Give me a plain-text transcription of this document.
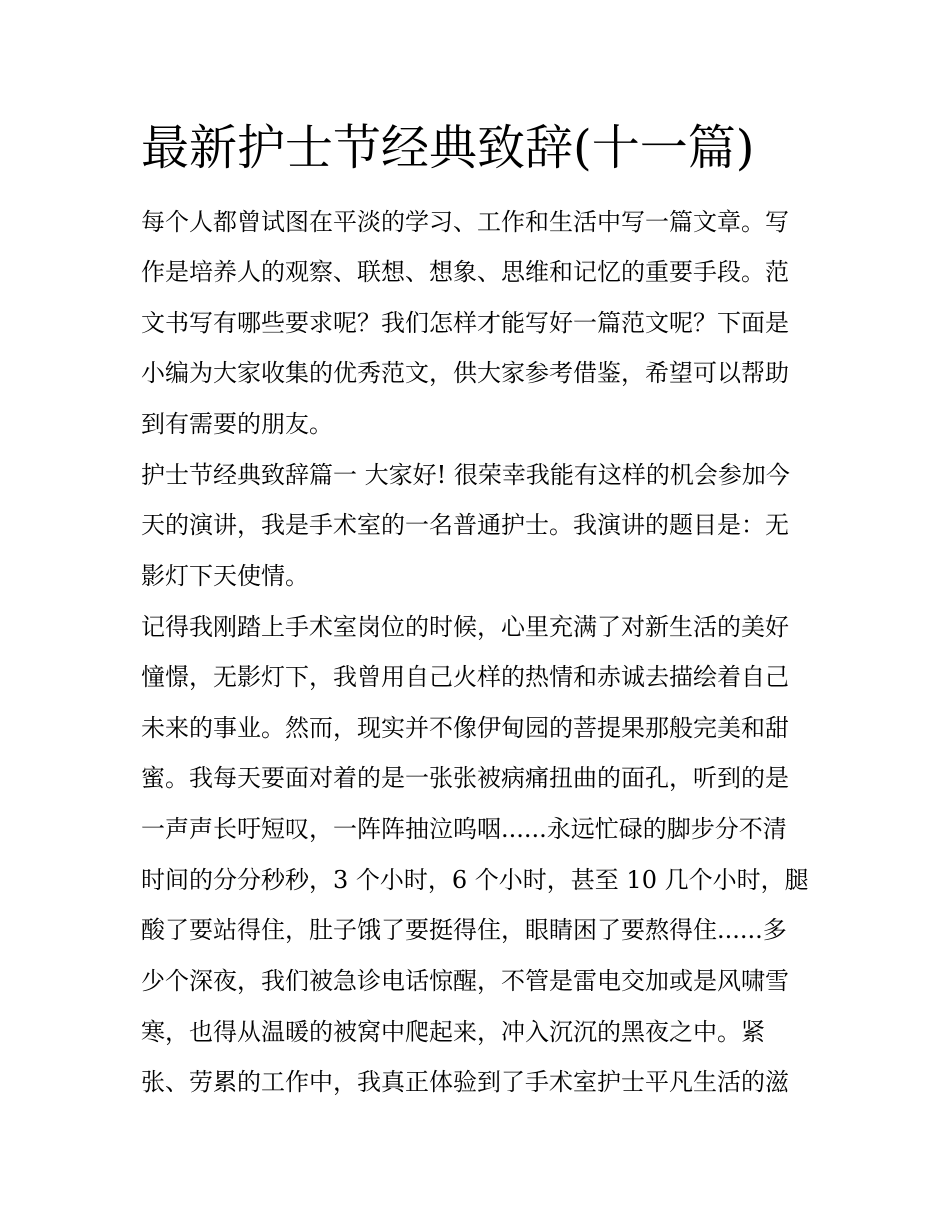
最新护士节经典致辞(十一篇)

每个人都曾试图在平淡的学习、工作和生活中写一篇文章。写

作是培养人的观察、联想、想象、思维和记忆的重要手段。范

文书写有哪些要求呢？我们怎样才能写好一篇范文呢？下面是

小编为大家收集的优秀范文，供大家参考借鉴，希望可以帮助

到有需要的朋友。

护士节经典致辞篇一 大家好! 很荣幸我能有这样的机会参加今

天的演讲，我是手术室的一名普通护士。我演讲的题目是：无

影灯下天使情。

记得我刚踏上手术室岗位的时候，心里充满了对新生活的美好

憧憬，无影灯下，我曾用自己火样的热情和赤诚去描绘着自己

未来的事业。然而，现实并不像伊甸园的菩提果那般完美和甜

蜜。我每天要面对着的是一张张被病痛扭曲的面孔，听到的是

一声声长吁短叹，一阵阵抽泣呜咽......永远忙碌的脚步分不清

时间的分分秒秒，3 个小时，6 个小时，甚至 10 几个小时，腿

酸了要站得住，肚子饿了要挺得住，眼睛困了要熬得住......多

少个深夜，我们被急诊电话惊醒，不管是雷电交加或是风啸雪

寒，也得从温暖的被窝中爬起来，冲入沉沉的黑夜之中。紧

张、劳累的工作中，我真正体验到了手术室护士平凡生活的滋
